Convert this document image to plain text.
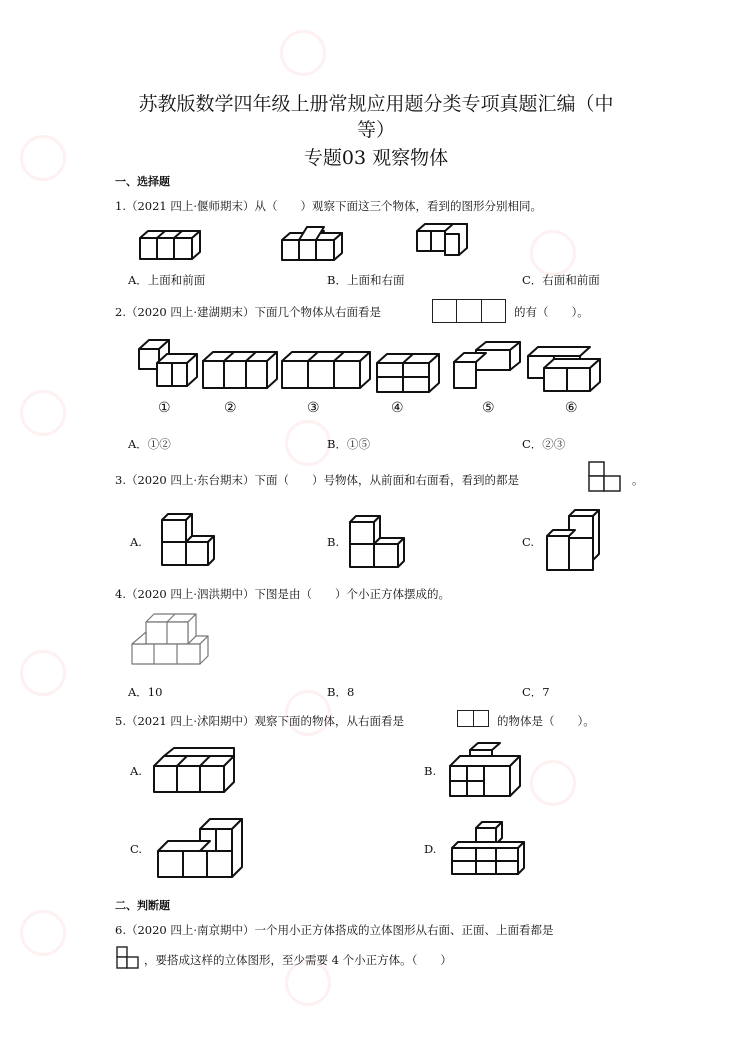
苏教版数学四年级上册常规应用题分类专项真题汇编（中
等）
专题03 观察物体
一、选择题
1.（2021 四上·偃师期末）从（　　）观察下面这三个物体，看到的图形分别相同。
A．上面和前面	B．上面和右面	C．右面和前面
2.（2020 四上·建湖期末）下面几个物体从右面看是	的有（　　）。
①	②	③	④	⑤	⑥
A．①②	B．①⑤	C．②③
3.（2020 四上·东台期末）下面（　　）号物体，从前面和右面看，看到的都是	。
A.	B.	C.
4.（2020 四上·泗洪期中）下图是由（　　）个小正方体摆成的。
A．10	B．8	C．7
5.（2021 四上·沭阳期中）观察下面的物体，从右面看是	的物体是（　　）。
A.	B.
C.	D.
二、判断题
6.（2020 四上·南京期中）一个用小正方体搭成的立体图形从右面、正面、上面看都是
，要搭成这样的立体图形，至少需要 4 个小正方体。（　　）
